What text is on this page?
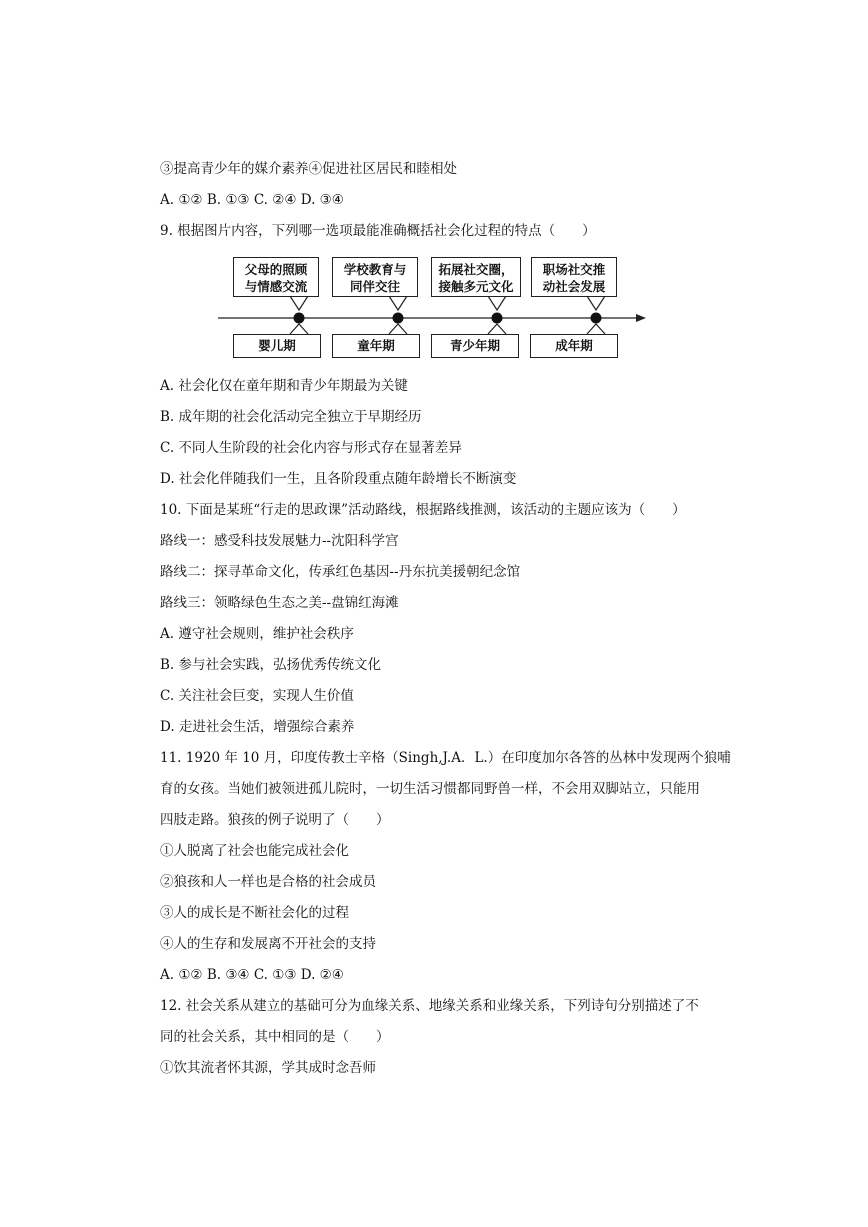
③提高青少年的媒介素养④促进社区居民和睦相处
A. ①② B. ①③ C. ②④ D. ③④
9. 根据图片内容，下列哪一选项最能准确概括社会化过程的特点（　　）
父母的照顾
与情感交流
学校教育与
同伴交往
拓展社交圈，
接触多元文化
职场社交推
动社会发展
婴儿期	童年期	青少年期	成年期
A. 社会化仅在童年期和青少年期最为关键
B. 成年期的社会化活动完全独立于早期经历
C. 不同人生阶段的社会化内容与形式存在显著差异
D. 社会化伴随我们一生，且各阶段重点随年龄增长不断演变
10. 下面是某班“行走的思政课”活动路线，根据路线推测，该活动的主题应该为（　　）
路线一：感受科技发展魅力--沈阳科学宫
路线二：探寻革命文化，传承红色基因--丹东抗美援朝纪念馆
路线三：领略绿色生态之美--盘锦红海滩
A. 遵守社会规则，维护社会秩序
B. 参与社会实践，弘扬优秀传统文化
C. 关注社会巨变，实现人生价值
D. 走进社会生活，增强综合素养
11. 1920 年 10 月，印度传教士辛格（Singh,J.A．L.）在印度加尔各答的丛林中发现两个狼哺
育的女孩。当她们被领进孤儿院时，一切生活习惯都同野兽一样，不会用双脚站立，只能用
四肢走路。狼孩的例子说明了（　　）
①人脱离了社会也能完成社会化
②狼孩和人一样也是合格的社会成员
③人的成长是不断社会化的过程
④人的生存和发展离不开社会的支持
A. ①② B. ③④ C. ①③ D. ②④
12. 社会关系从建立的基础可分为血缘关系、地缘关系和业缘关系，下列诗句分别描述了不
同的社会关系，其中相同的是（　　）
①饮其流者怀其源，学其成时念吾师
